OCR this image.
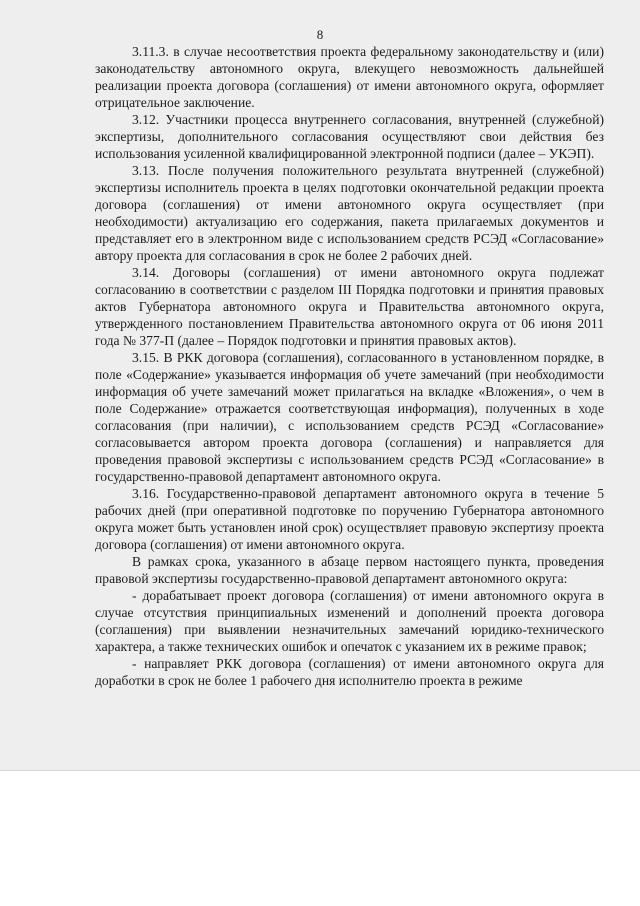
8

3.11.3. в случае несоответствия проекта федеральному законодательству и (или) законодательству автономного округа, влекущего невозможность дальнейшей реализации проекта договора (соглашения) от имени автономного округа, оформляет отрицательное заключение.

3.12. Участники процесса внутреннего согласования, внутренней (служебной) экспертизы, дополнительного согласования осуществляют свои действия без использования усиленной квалифицированной электронной подписи (далее – УКЭП).

3.13. После получения положительного результата внутренней (служебной) экспертизы исполнитель проекта в целях подготовки окончательной редакции проекта договора (соглашения) от имени автономного округа осуществляет (при необходимости) актуализацию его содержания, пакета прилагаемых документов и представляет его в электронном виде с использованием средств РСЭД «Согласование» автору проекта для согласования в срок не более 2 рабочих дней.

3.14. Договоры (соглашения) от имени автономного округа подлежат согласованию в соответствии с разделом III Порядка подготовки и принятия правовых актов Губернатора автономного округа и Правительства автономного округа, утвержденного постановлением Правительства автономного округа от 06 июня 2011 года № 377-П (далее – Порядок подготовки и принятия правовых актов).

3.15. В РКК договора (соглашения), согласованного в установленном порядке, в поле «Содержание» указывается информация об учете замечаний (при необходимости информация об учете замечаний может прилагаться на вкладке «Вложения», о чем в поле Содержание» отражается соответствующая информация), полученных в ходе согласования (при наличии), с использованием средств РСЭД «Согласование» согласовывается автором проекта договора (соглашения) и направляется для проведения правовой экспертизы с использованием средств РСЭД «Согласование» в государственно-правовой департамент автономного округа.

3.16. Государственно-правовой департамент автономного округа в течение 5 рабочих дней (при оперативной подготовке по поручению Губернатора автономного округа может быть установлен иной срок) осуществляет правовую экспертизу проекта договора (соглашения) от имени автономного округа.

В рамках срока, указанного в абзаце первом настоящего пункта, проведения правовой экспертизы государственно-правовой департамент автономного округа:

- дорабатывает проект договора (соглашения) от имени автономного округа в случае отсутствия принципиальных изменений и дополнений проекта договора (соглашения) при выявлении незначительных замечаний юридико-технического характера, а также технических ошибок и опечаток с указанием их в режиме правок;

- направляет РКК договора (соглашения) от имени автономного округа для доработки в срок не более 1 рабочего дня исполнителю проекта в режиме
